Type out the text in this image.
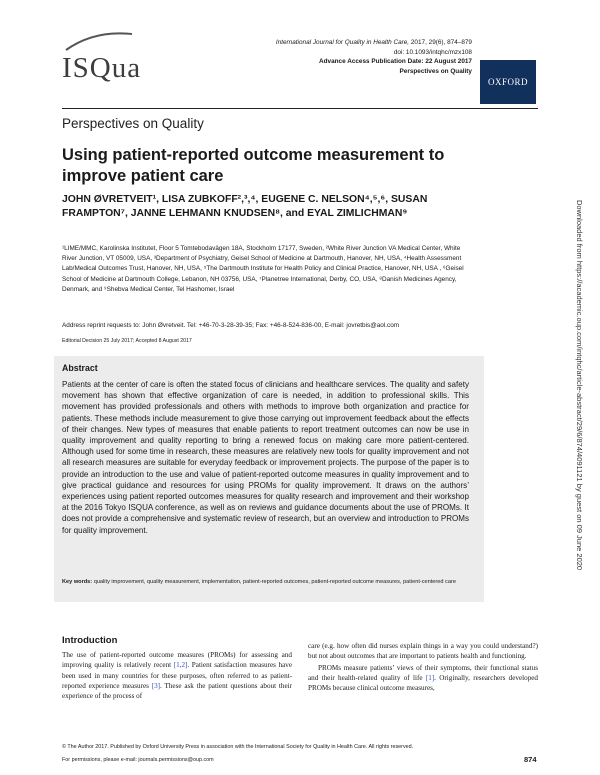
ISQua
International Journal for Quality in Health Care, 2017, 29(6), 874–879
doi: 10.1093/intqhc/mzx108
Advance Access Publication Date: 22 August 2017
Perspectives on Quality
OXFORD
Perspectives on Quality
Using patient-reported outcome measurement to improve patient care
JOHN ØVRETVEIT¹, LISA ZUBKOFF²,³,⁴, EUGENE C. NELSON⁴,⁵,⁶, SUSAN FRAMPTON⁷, JANNE LEHMANN KNUDSEN⁸, and EYAL ZIMLICHMAN⁹
¹LIME/MMC, Karolinska Institutet, Floor 5 Tomtebodavägen 18A, Stockholm 17177, Sweden, ²White River Junction VA Medical Center, White River Junction, VT 05009, USA, ³Department of Psychiatry, Geisel School of Medicine at Dartmouth, Hanover, NH, USA, ⁴Health Assessment Lab/Medical Outcomes Trust, Hanover, NH, USA, ⁵The Dartmouth Institute for Health Policy and Clinical Practice, Hanover, NH, USA , ⁶Geisel School of Medicine at Dartmouth College, Lebanon, NH 03756, USA, ⁷Planetree International, Derby, CO, USA, ⁸Danish Medicines Agency, Denmark, and ⁹Shebva Medical Center, Tel Hashomer, Israel
Address reprint requests to: John Øvretveit. Tel: +46-70-3-28-39-35; Fax: +46-8-524-836-00, E-mail: jovretbis@aol.com
Editorial Decision 25 July 2017; Accepted 8 August 2017
Abstract
Patients at the center of care is often the stated focus of clinicians and healthcare services. The quality and safety movement has shown that effective organization of care is needed, in addition to professional skills. This movement has provided professionals and others with methods to improve both organization and practice for patients. These methods include measurement to give those carrying out improvement feedback about the effects of their changes. New types of measures that enable patients to report treatment outcomes can now be use in quality improvement and quality reporting to bring a renewed focus on making care more patient-centered. Although used for some time in research, these measures are relatively new tools for quality improvement and not all research measures are suitable for everyday feedback or improvement projects. The purpose of the paper is to provide an introduction to the use and value of patient-reported outcome measures in quality improvement and to give practical guidance and resources for using PROMs for quality improvement. It draws on the authors’ experiences using patient reported outcomes measures for quality research and improvement and their workshop at the 2016 Tokyo ISQUA conference, as well as on reviews and guidance documents about the use of PROMs. It does not provide a comprehensive and systematic review of research, but an overview and introduction to PROMs for quality improvement.
Key words: quality improvement, quality measurement, implementation, patient-reported outcomes, patient-reported outcome measures, patient-centered care
Introduction
The use of patient-reported outcome measures (PROMs) for assessing and improving quality is relatively recent [1,2]. Patient satisfaction measures have been used in many countries for these purposes, often referred to as patient-reported experience measures [3]. These ask the patient questions about their experience of the process of
care (e.g. how often did nurses explain things in a way you could understand?) but not about outcomes that are important to patients health and functioning.
PROMs measure patients’ views of their symptoms, their functional status and their health-related quality of life [1]. Originally, researchers developed PROMs because clinical outcome measures,
© The Author 2017. Published by Oxford University Press in association with the International Society for Quality in Health Care. All rights reserved.
For permissions, please e-mail: journals.permissions@oup.com	874
Downloaded from https://academic.oup.com/intqhc/article-abstract/29/6/874/4091121 by guest on 09 June 2020
